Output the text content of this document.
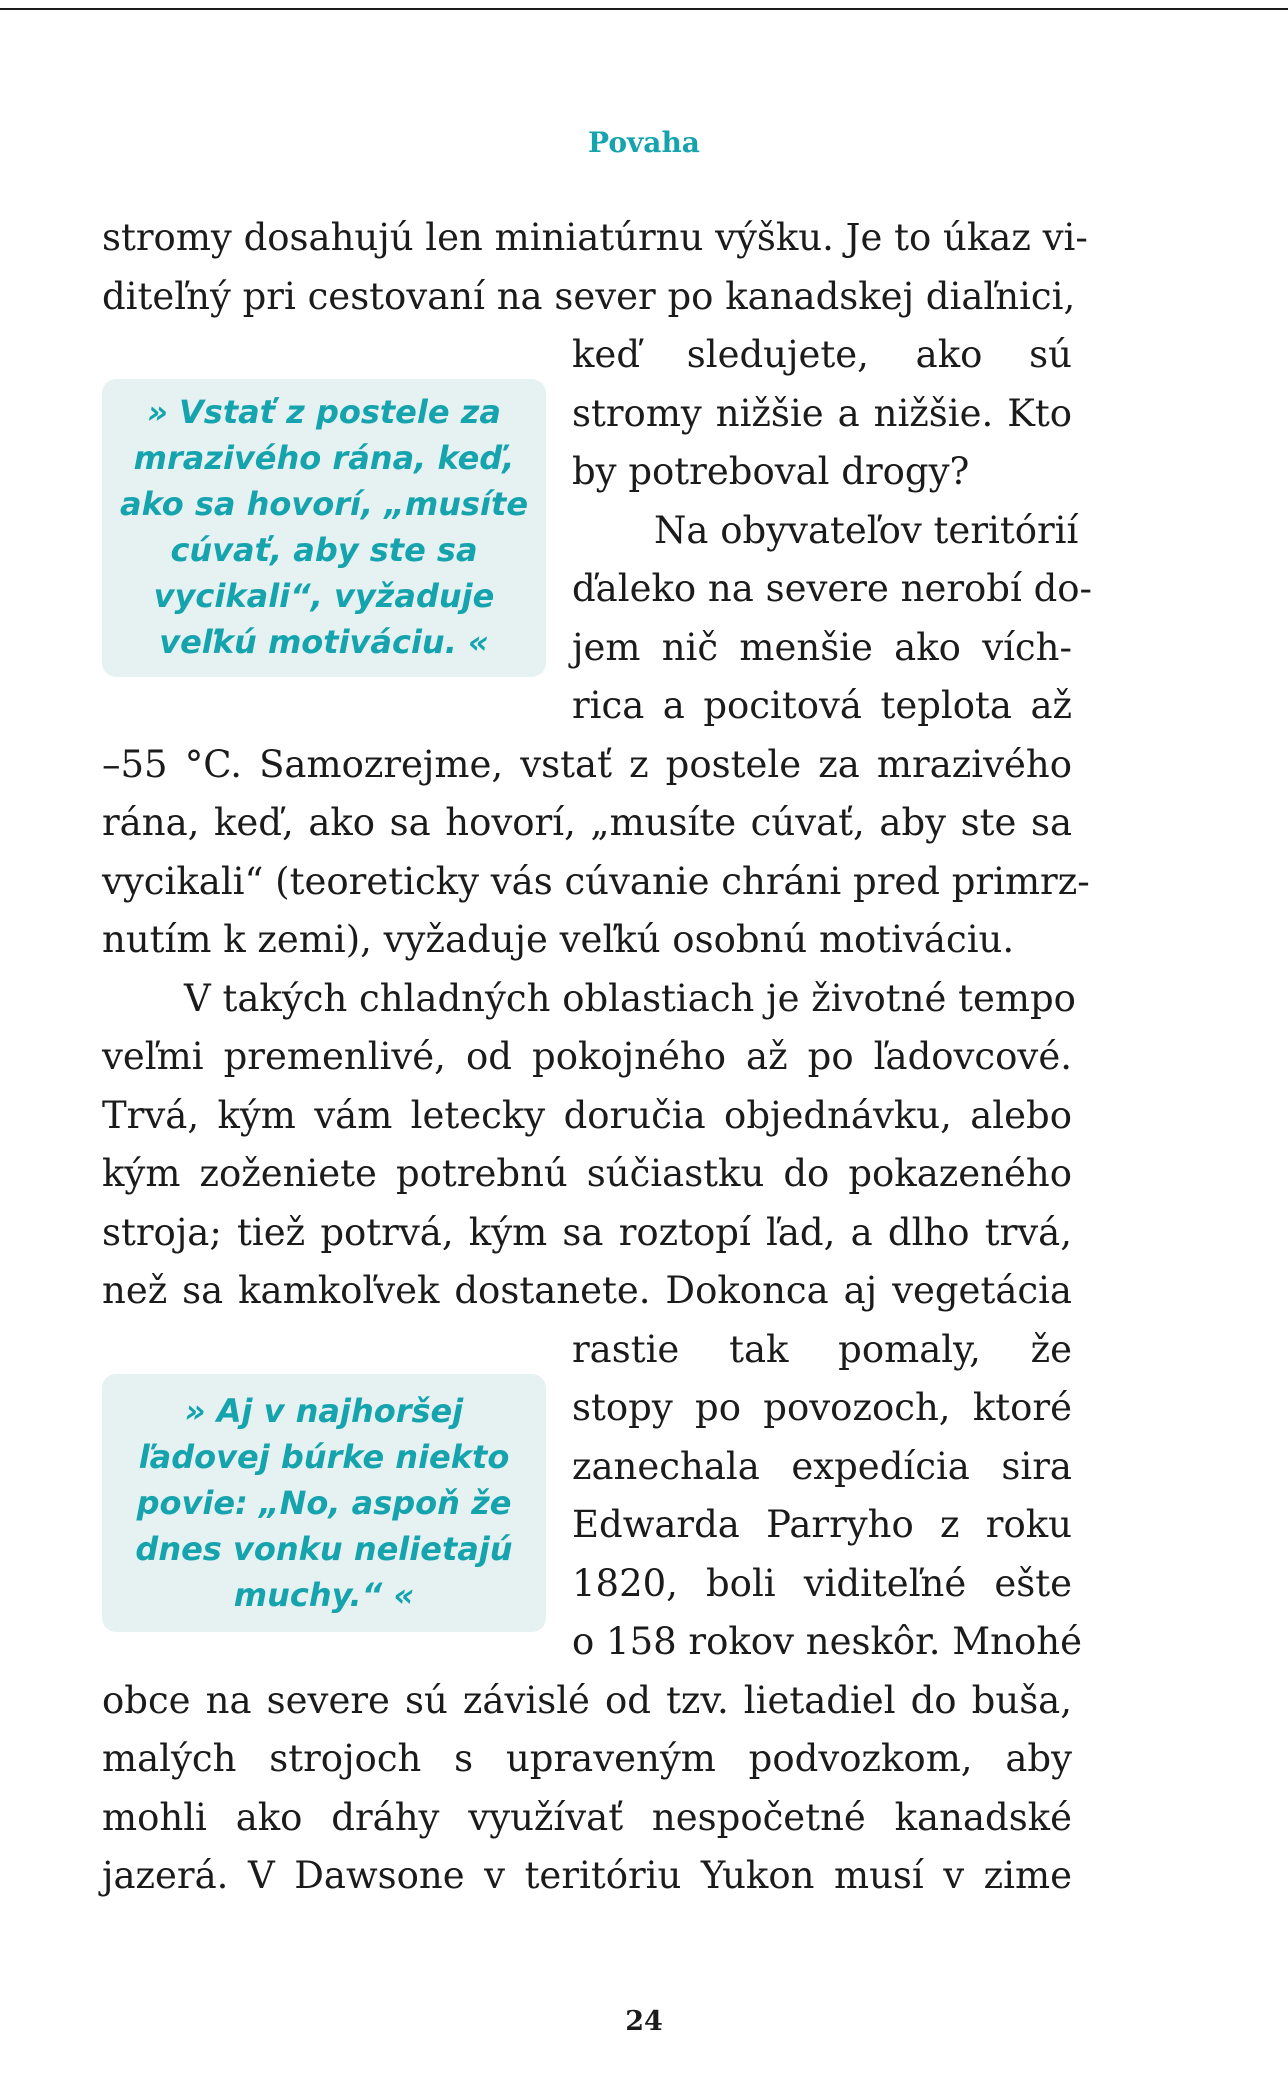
Povaha

stromy dosahujú len miniatúrnu výšku. Je to úkaz vi-

diteľný pri cestovaní na sever po kanadskej diaľnici,

keď sledujete, ako sú

stromy nižšie a nižšie. Kto

by potreboval drogy?

Na obyvateľov teritórií

ďaleko na severe nerobí do-

jem nič menšie ako vích-

rica a pocitová teplota až

–55 °C. Samozrejme, vstať z postele za mrazivého

rána, keď, ako sa hovorí, „musíte cúvať, aby ste sa

vycikali“ (teoreticky vás cúvanie chráni pred primrz-

nutím k zemi), vyžaduje veľkú osobnú motiváciu.

V takých chladných oblastiach je životné tempo

veľmi premenlivé, od pokojného až po ľadovcové.

Trvá, kým vám letecky doručia objednávku, alebo

kým zoženiete potrebnú súčiastku do pokazeného

stroja; tiež potrvá, kým sa roztopí ľad, a dlho trvá,

než sa kamkoľvek dostanete. Dokonca aj vegetácia

rastie tak pomaly, že

stopy po povozoch, ktoré

zanechala expedícia sira

Edwarda Parryho z roku

1820, boli viditeľné ešte

o 158 rokov neskôr. Mnohé

obce na severe sú závislé od tzv. lietadiel do buša,

malých strojoch s upraveným podvozkom, aby

mohli ako dráhy využívať nespočetné kanadské

jazerá. V Dawsone v teritóriu Yukon musí v zime

» Vstať z postele za
mrazivého rána, keď,
ako sa hovorí, „musíte
cúvať, aby ste sa
vycikali“, vyžaduje
veľkú motiváciu. «
» Aj v najhoršej
ľadovej búrke niekto
povie: „No, aspoň že
dnes vonku nelietajú
muchy.“ «
24
